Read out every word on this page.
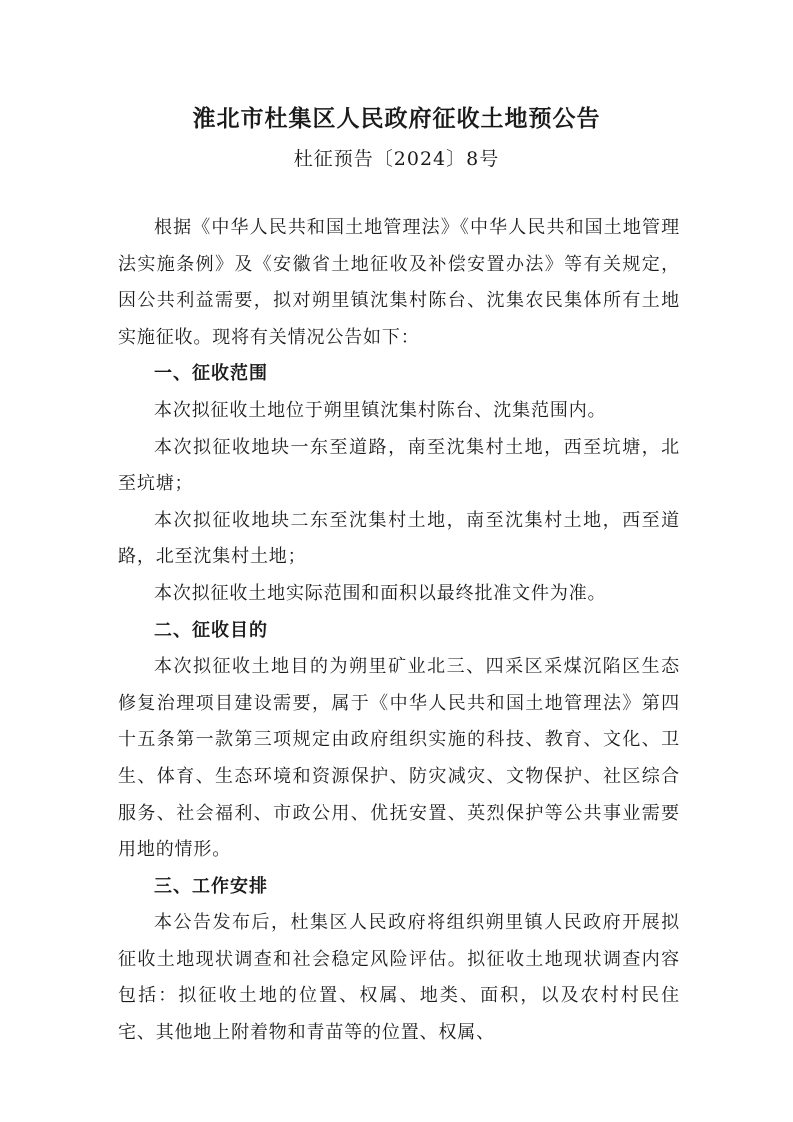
淮北市杜集区人民政府征收土地预公告
杜征预告〔2024〕8号

根据《中华人民共和国土地管理法》《中华人民共和国土地管理法实施条例》及《安徽省土地征收及补偿安置办法》等有关规定，因公共利益需要，拟对朔里镇沈集村陈台、沈集农民集体所有土地实施征收。现将有关情况公告如下：

一、征收范围

本次拟征收土地位于朔里镇沈集村陈台、沈集范围内。

本次拟征收地块一东至道路，南至沈集村土地，西至坑塘，北至坑塘；

本次拟征收地块二东至沈集村土地，南至沈集村土地，西至道路，北至沈集村土地；

本次拟征收土地实际范围和面积以最终批准文件为准。

二、征收目的

本次拟征收土地目的为朔里矿业北三、四采区采煤沉陷区生态修复治理项目建设需要，属于《中华人民共和国土地管理法》第四十五条第一款第三项规定由政府组织实施的科技、教育、文化、卫生、体育、生态环境和资源保护、防灾减灾、文物保护、社区综合服务、社会福利、市政公用、优抚安置、英烈保护等公共事业需要用地的情形。

三、工作安排

本公告发布后，杜集区人民政府将组织朔里镇人民政府开展拟征收土地现状调查和社会稳定风险评估。拟征收土地现状调查内容包括：拟征收土地的位置、权属、地类、面积，以及农村村民住宅、其他地上附着物和青苗等的位置、权属、
